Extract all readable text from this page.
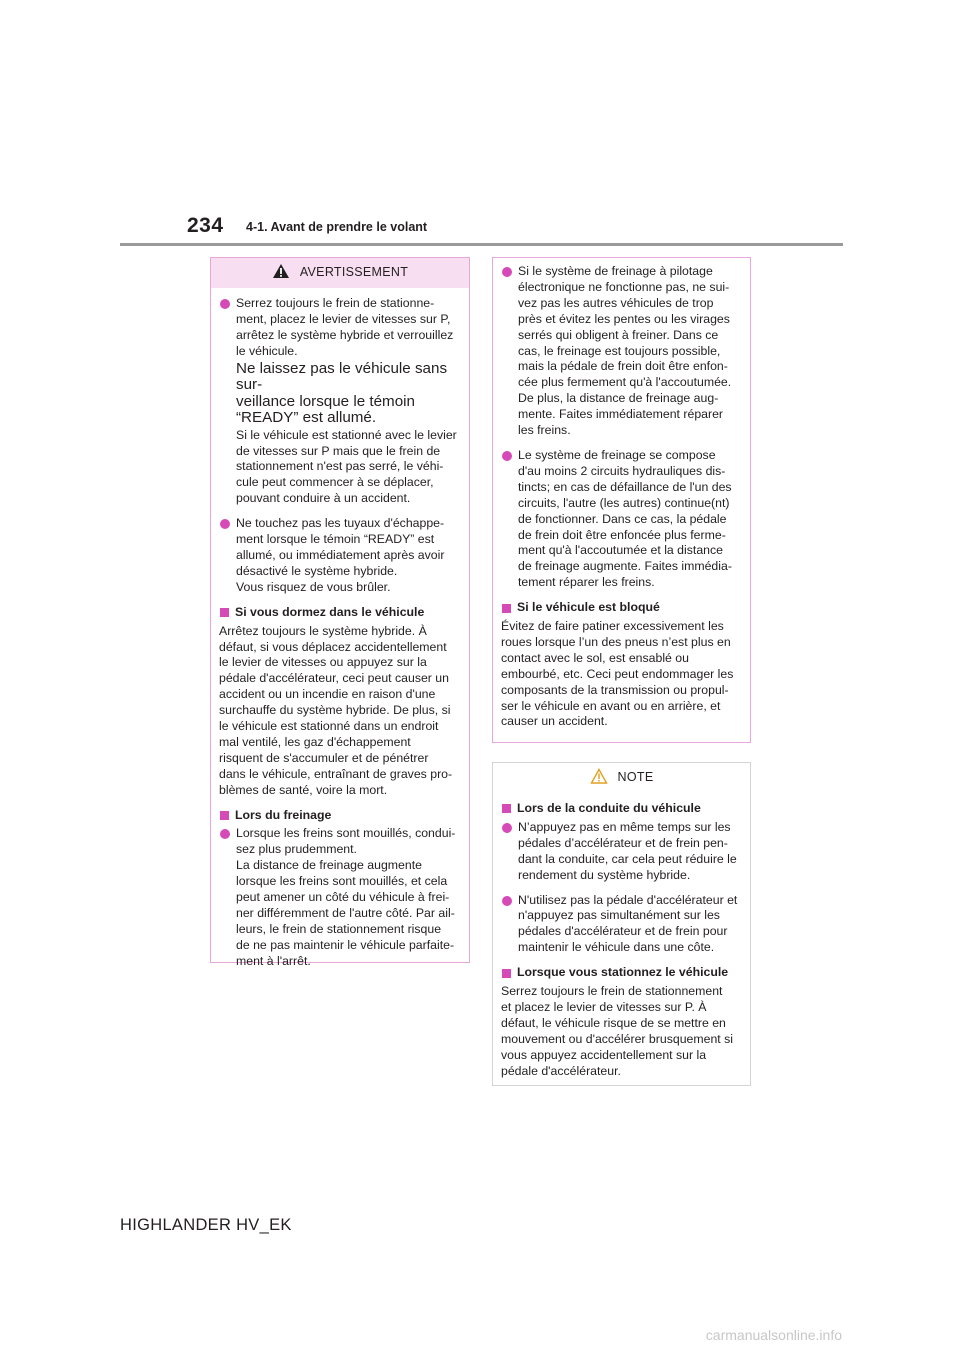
234 4-1. Avant de prendre le volant
AVERTISSEMENT
Serrez toujours le frein de stationne-
ment, placez le levier de vitesses sur P,
arrêtez le système hybride et verrouillez
le véhicule.
Ne laissez pas le véhicule sans sur-
veillance lorsque le témoin
“READY” est allumé.
Si le véhicule est stationné avec le levier
de vitesses sur P mais que le frein de
stationnement n'est pas serré, le véhi-
cule peut commencer à se déplacer,
pouvant conduire à un accident.
Ne touchez pas les tuyaux d'échappe-
ment lorsque le témoin “READY” est
allumé, ou immédiatement après avoir
désactivé le système hybride.
Vous risquez de vous brûler.
Si vous dormez dans le véhicule
Arrêtez toujours le système hybride. À
défaut, si vous déplacez accidentellement
le levier de vitesses ou appuyez sur la
pédale d'accélérateur, ceci peut causer un
accident ou un incendie en raison d'une
surchauffe du système hybride. De plus, si
le véhicule est stationné dans un endroit
mal ventilé, les gaz d'échappement
risquent de s'accumuler et de pénétrer
dans le véhicule, entraînant de graves pro-
blèmes de santé, voire la mort.
Lors du freinage
Lorsque les freins sont mouillés, condui-
sez plus prudemment.
La distance de freinage augmente
lorsque les freins sont mouillés, et cela
peut amener un côté du véhicule à frei-
ner différemment de l'autre côté. Par ail-
leurs, le frein de stationnement risque
de ne pas maintenir le véhicule parfaite-
ment à l'arrêt.
Si le système de freinage à pilotage
électronique ne fonctionne pas, ne sui-
vez pas les autres véhicules de trop
près et évitez les pentes ou les virages
serrés qui obligent à freiner. Dans ce
cas, le freinage est toujours possible,
mais la pédale de frein doit être enfon-
cée plus fermement qu'à l'accoutumée.
De plus, la distance de freinage aug-
mente. Faites immédiatement réparer
les freins.
Le système de freinage se compose
d'au moins 2 circuits hydrauliques dis-
tincts; en cas de défaillance de l'un des
circuits, l'autre (les autres) continue(nt)
de fonctionner. Dans ce cas, la pédale
de frein doit être enfoncée plus ferme-
ment qu'à l'accoutumée et la distance
de freinage augmente. Faites immédia-
tement réparer les freins.
Si le véhicule est bloqué
Évitez de faire patiner excessivement les
roues lorsque l’un des pneus n’est plus en
contact avec le sol, est ensablé ou
embourbé, etc. Ceci peut endommager les
composants de la transmission ou propul-
ser le véhicule en avant ou en arrière, et
causer un accident.
NOTE
Lors de la conduite du véhicule
N’appuyez pas en même temps sur les
pédales d’accélérateur et de frein pen-
dant la conduite, car cela peut réduire le
rendement du système hybride.
N'utilisez pas la pédale d'accélérateur et
n'appuyez pas simultanément sur les
pédales d'accélérateur et de frein pour
maintenir le véhicule dans une côte.
Lorsque vous stationnez le véhicule
Serrez toujours le frein de stationnement
et placez le levier de vitesses sur P. À
défaut, le véhicule risque de se mettre en
mouvement ou d'accélérer brusquement si
vous appuyez accidentellement sur la
pédale d'accélérateur.
HIGHLANDER HV_EK
carmanualsonline.info
